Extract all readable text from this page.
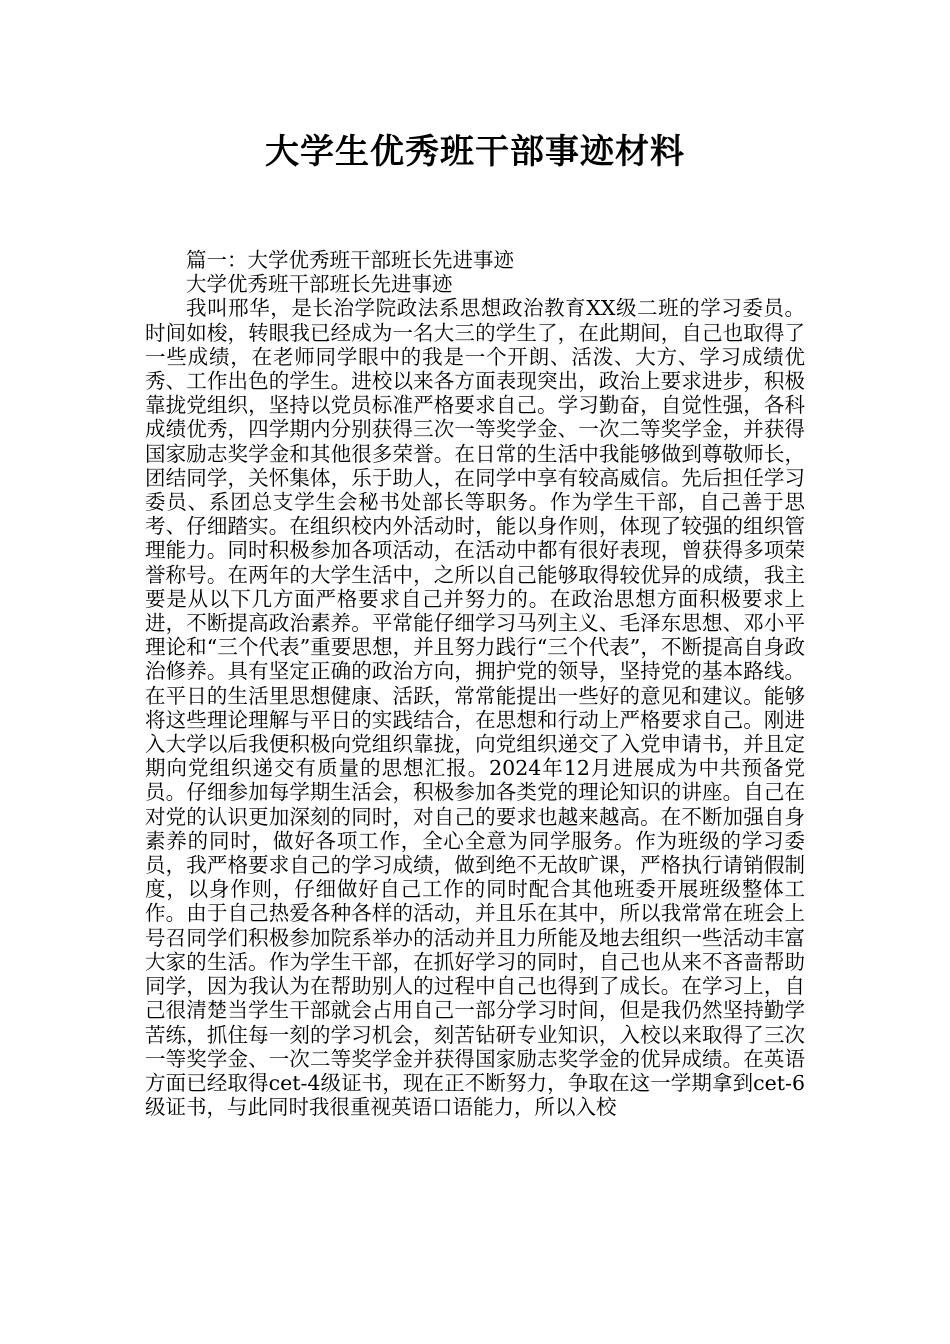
大学生优秀班干部事迹材料

篇一：大学优秀班干部班长先进事迹

大学优秀班干部班长先进事迹

我叫邢华，是长治学院政法系思想政治教育XX级二班的学习委员。时间如梭，转眼我已经成为一名大三的学生了，在此期间，自己也取得了一些成绩，在老师同学眼中的我是一个开朗、活泼、大方、学习成绩优秀、工作出色的学生。进校以来各方面表现突出，政治上要求进步，积极靠拢党组织，坚持以党员标准严格要求自己。学习勤奋，自觉性强，各科成绩优秀，四学期内分别获得三次一等奖学金、一次二等奖学金，并获得国家励志奖学金和其他很多荣誉。在日常的生活中我能够做到尊敬师长，团结同学，关怀集体，乐于助人，在同学中享有较高威信。先后担任学习委员、系团总支学生会秘书处部长等职务。作为学生干部，自己善于思考、仔细踏实。在组织校内外活动时，能以身作则，体现了较强的组织管理能力。同时积极参加各项活动，在活动中都有很好表现，曾获得多项荣誉称号。在两年的大学生活中，之所以自己能够取得较优异的成绩，我主要是从以下几方面严格要求自己并努力的。在政治思想方面积极要求上进，不断提高政治素养。平常能仔细学习马列主义、毛泽东思想、邓小平理论和“三个代表”重要思想，并且努力践行“三个代表”，不断提高自身政治修养。具有坚定正确的政治方向，拥护党的领导，坚持党的基本路线。在平日的生活里思想健康、活跃，常常能提出一些好的意见和建议。能够将这些理论理解与平日的实践结合，在思想和行动上严格要求自己。刚进入大学以后我便积极向党组织靠拢，向党组织递交了入党申请书，并且定期向党组织递交有质量的思想汇报。2024年12月进展成为中共预备党员。仔细参加每学期生活会，积极参加各类党的理论知识的讲座。自己在对党的认识更加深刻的同时，对自己的要求也越来越高。在不断加强自身素养的同时，做好各项工作，全心全意为同学服务。作为班级的学习委员，我严格要求自己的学习成绩，做到绝不无故旷课，严格执行请销假制度，以身作则，仔细做好自己工作的同时配合其他班委开展班级整体工作。由于自己热爱各种各样的活动，并且乐在其中，所以我常常在班会上号召同学们积极参加院系举办的活动并且力所能及地去组织一些活动丰富大家的生活。作为学生干部，在抓好学习的同时，自己也从来不吝啬帮助同学，因为我认为在帮助别人的过程中自己也得到了成长。在学习上，自己很清楚当学生干部就会占用自己一部分学习时间，但是我仍然坚持勤学苦练，抓住每一刻的学习机会，刻苦钻研专业知识，入校以来取得了三次一等奖学金、一次二等奖学金并获得国家励志奖学金的优异成绩。在英语方面已经取得cet-4级证书，现在正不断努力，争取在这一学期拿到cet-6级证书，与此同时我很重视英语口语能力，所以入校
